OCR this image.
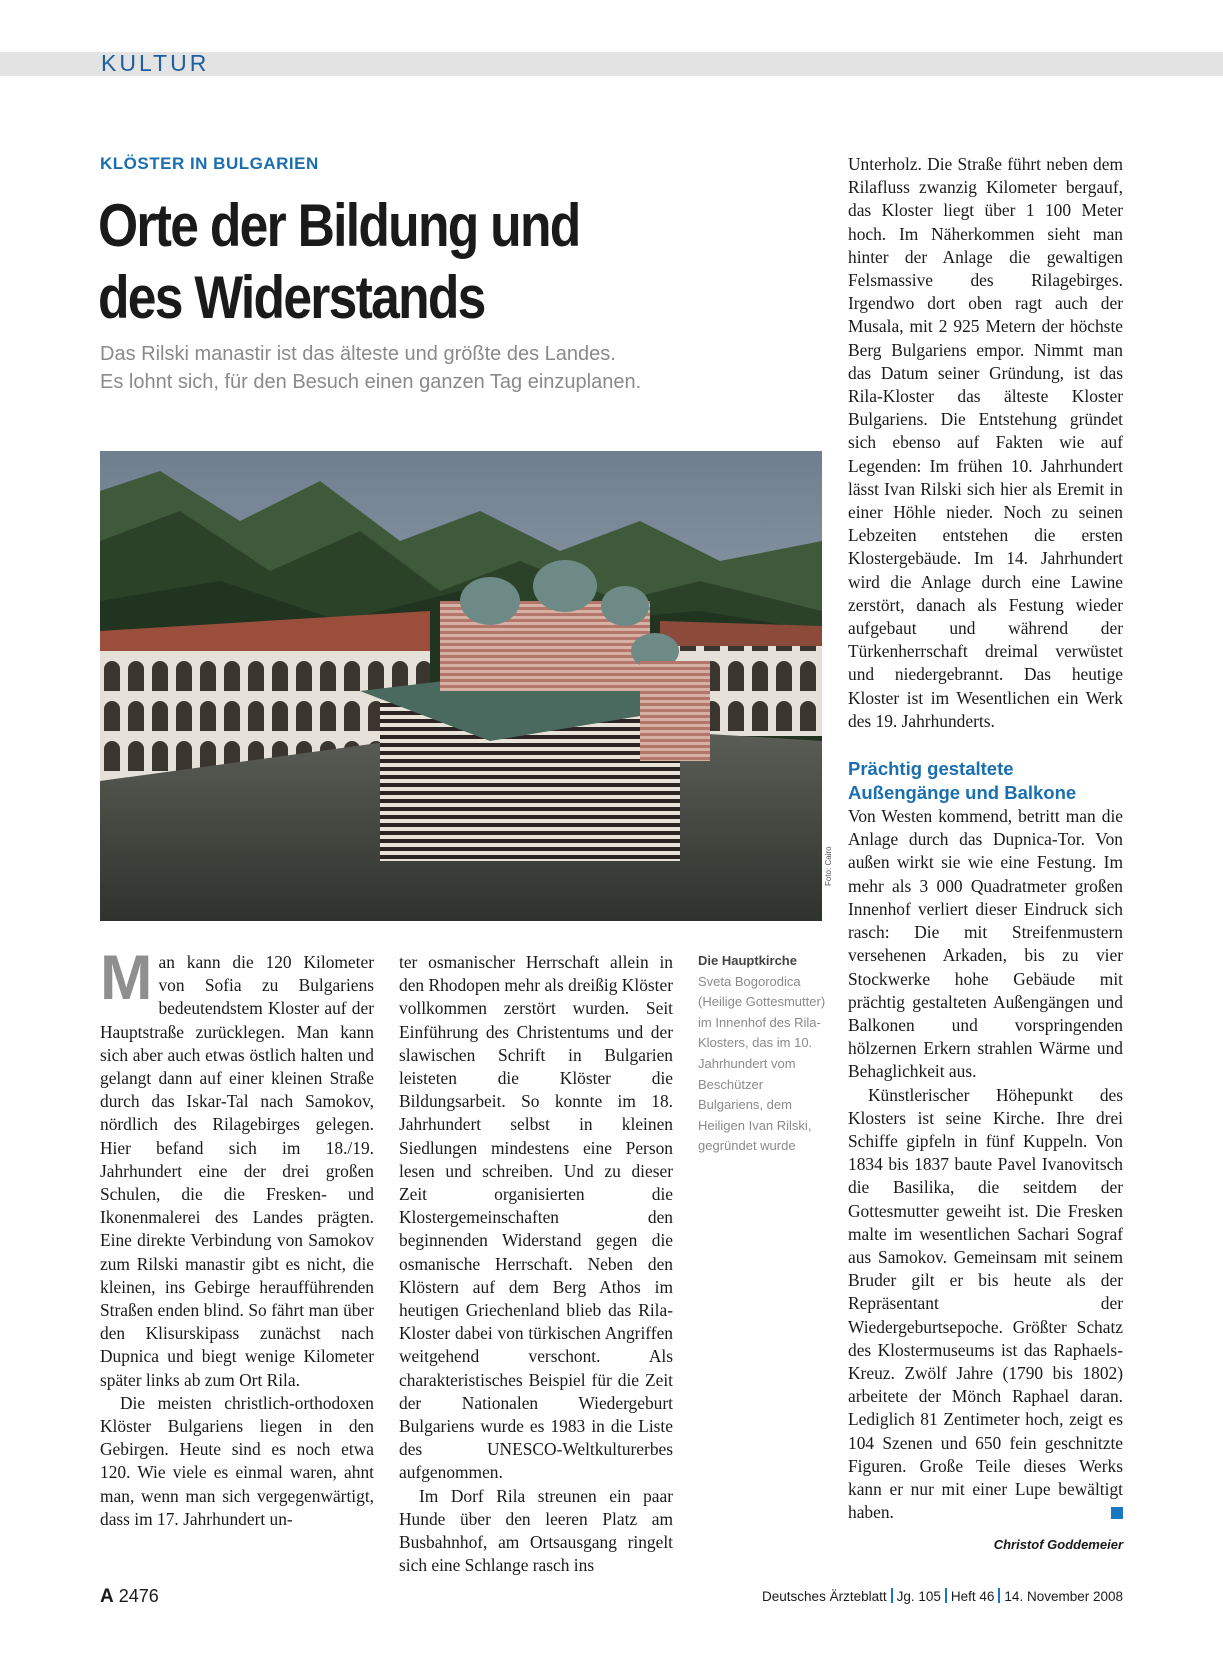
KULTUR
KLÖSTER IN BULGARIEN
Orte der Bildung und
des Widerstands
Das Rilski manastir ist das älteste und größte des Landes.
Es lohnt sich, für den Besuch einen ganzen Tag einzuplanen.
Foto: Cairo

Man kann die 120 Kilometer von Sofia zu Bulgariens bedeutendstem Kloster auf der Hauptstraße zurücklegen. Man kann sich aber auch etwas östlich halten und gelangt dann auf einer kleinen Straße durch das Iskar-Tal nach Samokov, nördlich des Rilagebirges gelegen. Hier befand sich im 18./19. Jahrhundert eine der drei großen Schulen, die die Fresken- und Ikonenmalerei des Landes prägten. Eine direkte Verbindung von Samokov zum Rilski manastir gibt es nicht, die kleinen, ins Gebirge heraufführenden Straßen enden blind. So fährt man über den Klisurskipass zunächst nach Dupnica und biegt wenige Kilometer später links ab zum Ort Rila.

Die meisten christlich-orthodoxen Klöster Bulgariens liegen in den Gebirgen. Heute sind es noch etwa 120. Wie viele es einmal waren, ahnt man, wenn man sich vergegenwärtigt, dass im 17. Jahrhundert un-

ter osmanischer Herrschaft allein in den Rhodopen mehr als dreißig Klöster vollkommen zerstört wurden. Seit Einführung des Christentums und der slawischen Schrift in Bulgarien leisteten die Klöster die Bildungsarbeit. So konnte im 18. Jahrhundert selbst in kleinen Siedlungen mindestens eine Person lesen und schreiben. Und zu dieser Zeit organisierten die Klostergemeinschaften den beginnenden Widerstand gegen die osmanische Herrschaft. Neben den Klöstern auf dem Berg Athos im heutigen Griechenland blieb das Rila-Kloster dabei von türkischen Angriffen weitgehend verschont. Als charakteristisches Beispiel für die Zeit der Nationalen Wiedergeburt Bulgariens wurde es 1983 in die Liste des UNESCO-Weltkulturerbes aufgenommen.

Im Dorf Rila streunen ein paar Hunde über den leeren Platz am Busbahnhof, am Ortsausgang ringelt sich eine Schlange rasch ins

Die Hauptkirche
Sveta Bogorodica (Heilige Gottesmutter) im Innenhof des Rila-Klosters, das im 10. Jahrhundert vom Beschützer Bulgariens, dem Heiligen Ivan Rilski, gegründet wurde

Unterholz. Die Straße führt neben dem Rilafluss zwanzig Kilometer bergauf, das Kloster liegt über 1 100 Meter hoch. Im Näherkommen sieht man hinter der Anlage die gewaltigen Felsmassive des Rilagebirges. Irgendwo dort oben ragt auch der Musala, mit 2 925 Metern der höchste Berg Bulgariens empor. Nimmt man das Datum seiner Gründung, ist das Rila-Kloster das älteste Kloster Bulgariens. Die Entstehung gründet sich ebenso auf Fakten wie auf Legenden: Im frühen 10. Jahrhundert lässt Ivan Rilski sich hier als Eremit in einer Höhle nieder. Noch zu seinen Lebzeiten entstehen die ersten Klostergebäude. Im 14. Jahrhundert wird die Anlage durch eine Lawine zerstört, danach als Festung wieder aufgebaut und während der Türkenherrschaft dreimal verwüstet und niedergebrannt. Das heutige Kloster ist im Wesentlichen ein Werk des 19. Jahrhunderts.

Prächtig gestaltete
Außengänge und Balkone

Von Westen kommend, betritt man die Anlage durch das Dupnica-Tor. Von außen wirkt sie wie eine Festung. Im mehr als 3 000 Quadratmeter großen Innenhof verliert dieser Eindruck sich rasch: Die mit Streifenmustern versehenen Arkaden, bis zu vier Stockwerke hohe Gebäude mit prächtig gestalteten Außengängen und Balkonen und vorspringenden hölzernen Erkern strahlen Wärme und Behaglichkeit aus.

Künstlerischer Höhepunkt des Klosters ist seine Kirche. Ihre drei Schiffe gipfeln in fünf Kuppeln. Von 1834 bis 1837 baute Pavel Ivanovitsch die Basilika, die seitdem der Gottesmutter geweiht ist. Die Fresken malte im wesentlichen Sachari Sograf aus Samokov. Gemeinsam mit seinem Bruder gilt er bis heute als der Repräsentant der Wiedergeburtsepoche. Größter Schatz des Klostermuseums ist das Raphaels-Kreuz. Zwölf Jahre (1790 bis 1802) arbeitete der Mönch Raphael daran. Lediglich 81 Zentimeter hoch, zeigt es 104 Szenen und 650 fein geschnitzte Figuren. Große Teile dieses Werks kann er nur mit einer Lupe bewältigt haben.

Christof Goddemeier
A 2476	Deutsches Ärzteblatt Jg. 105 Heft 46 14. November 2008
